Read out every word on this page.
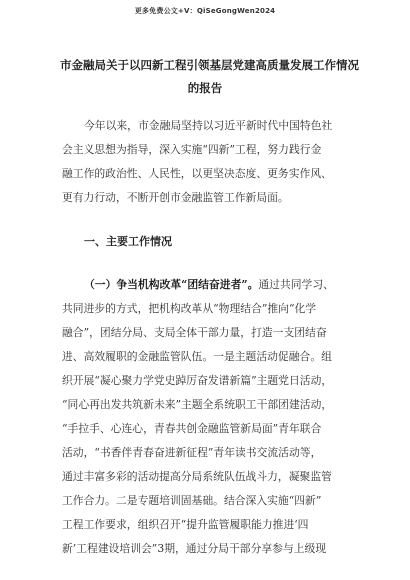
更多免费公文+V：QiSeGongWen2024
市金融局关于以四新工程引领基层党建高质量发展工作情况
的报告
今年以来，市金融局坚持以习近平新时代中国特色社
会主义思想为指导，深入实施“四新”工程，努力践行金
融工作的政治性、人民性，以更坚决态度、更务实作风、
更有力行动，不断开创市金融监管工作新局面。
一、主要工作情况
（一）争当机构改革“团结奋进者”。通过共同学习、
共同进步的方式，把机构改革从“物理结合”推向“化学
融合”，团结分局、支局全体干部力量，打造一支团结奋
进、高效履职的金融监管队伍。一是主题活动促融合。组
织开展“凝心聚力学党史踔厉奋发谱新篇”主题党日活动，
“同心再出发共筑新未来”主题全系统职工干部团建活动，
“手拉手、心连心，青春共创金融监管新局面”青年联合
活动，“书香伴青春奋进新征程”青年读书交流活动等，
通过丰富多彩的活动提高分局系统队伍战斗力，凝聚监管
工作合力。二是专题培训固基础。结合深入实施“四新”
工程工作要求，组织召开“提升监管履职能力推进‘四
新’工程建设培训会”3期，通过分局干部分享参与上级现
